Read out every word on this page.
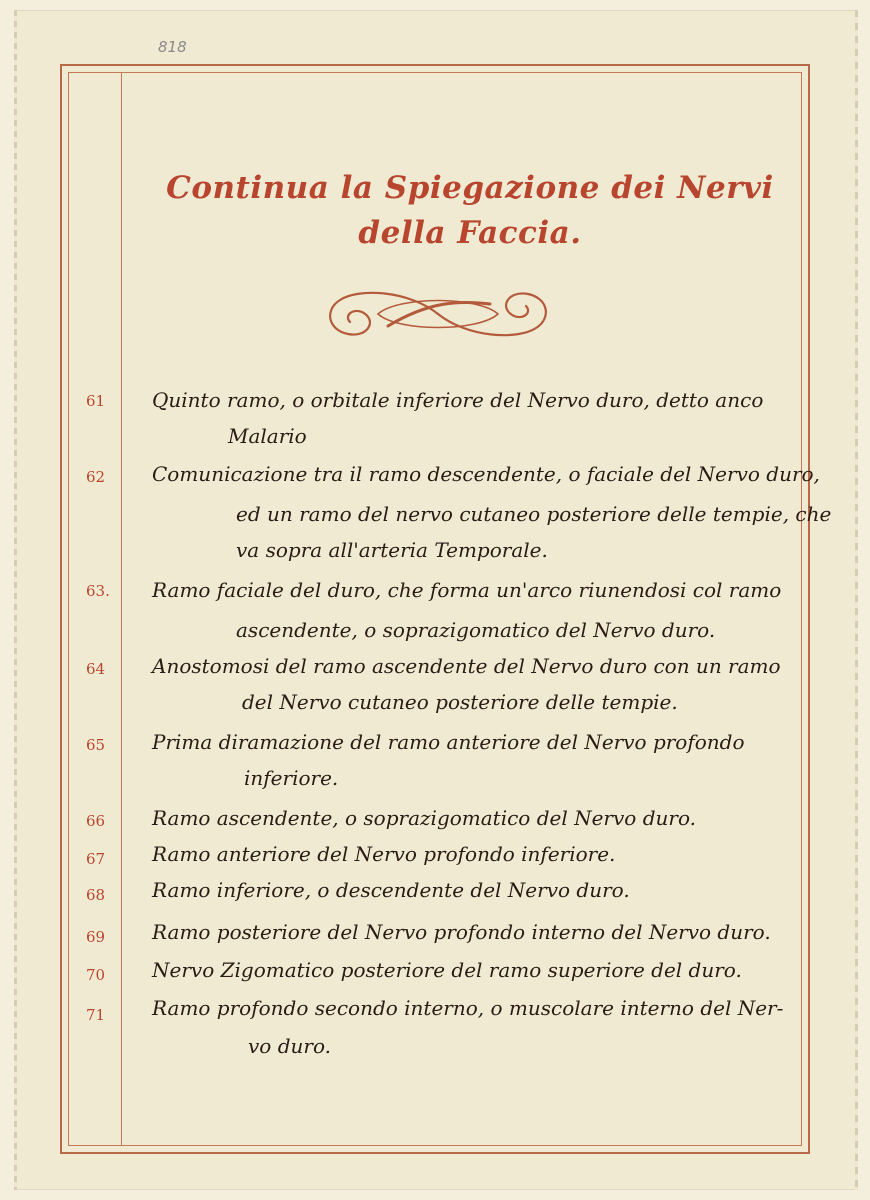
818
Continua la Spiegazione dei Nervi
della Faccia.
61	Quinto ramo, o orbitale inferiore del Nervo duro, detto anco
Malario
62	Comunicazione tra il ramo descendente, o faciale del Nervo duro,
ed un ramo del nervo cutaneo posteriore delle tempie, che
va sopra all'arteria Temporale.
63.	Ramo faciale del duro, che forma un'arco riunendosi col ramo
ascendente, o soprazigomatico del Nervo duro.
64	Anostomosi del ramo ascendente del Nervo duro con un ramo
del Nervo cutaneo posteriore delle tempie.
65	Prima diramazione del ramo anteriore del Nervo profondo
inferiore.
66	Ramo ascendente, o soprazigomatico del Nervo duro.
67	Ramo anteriore del Nervo profondo inferiore.
68	Ramo inferiore, o descendente del Nervo duro.
69	Ramo posteriore del Nervo profondo interno del Nervo duro.
70	Nervo Zigomatico posteriore del ramo superiore del duro.
71	Ramo profondo secondo interno, o muscolare interno del Ner-
vo duro.
